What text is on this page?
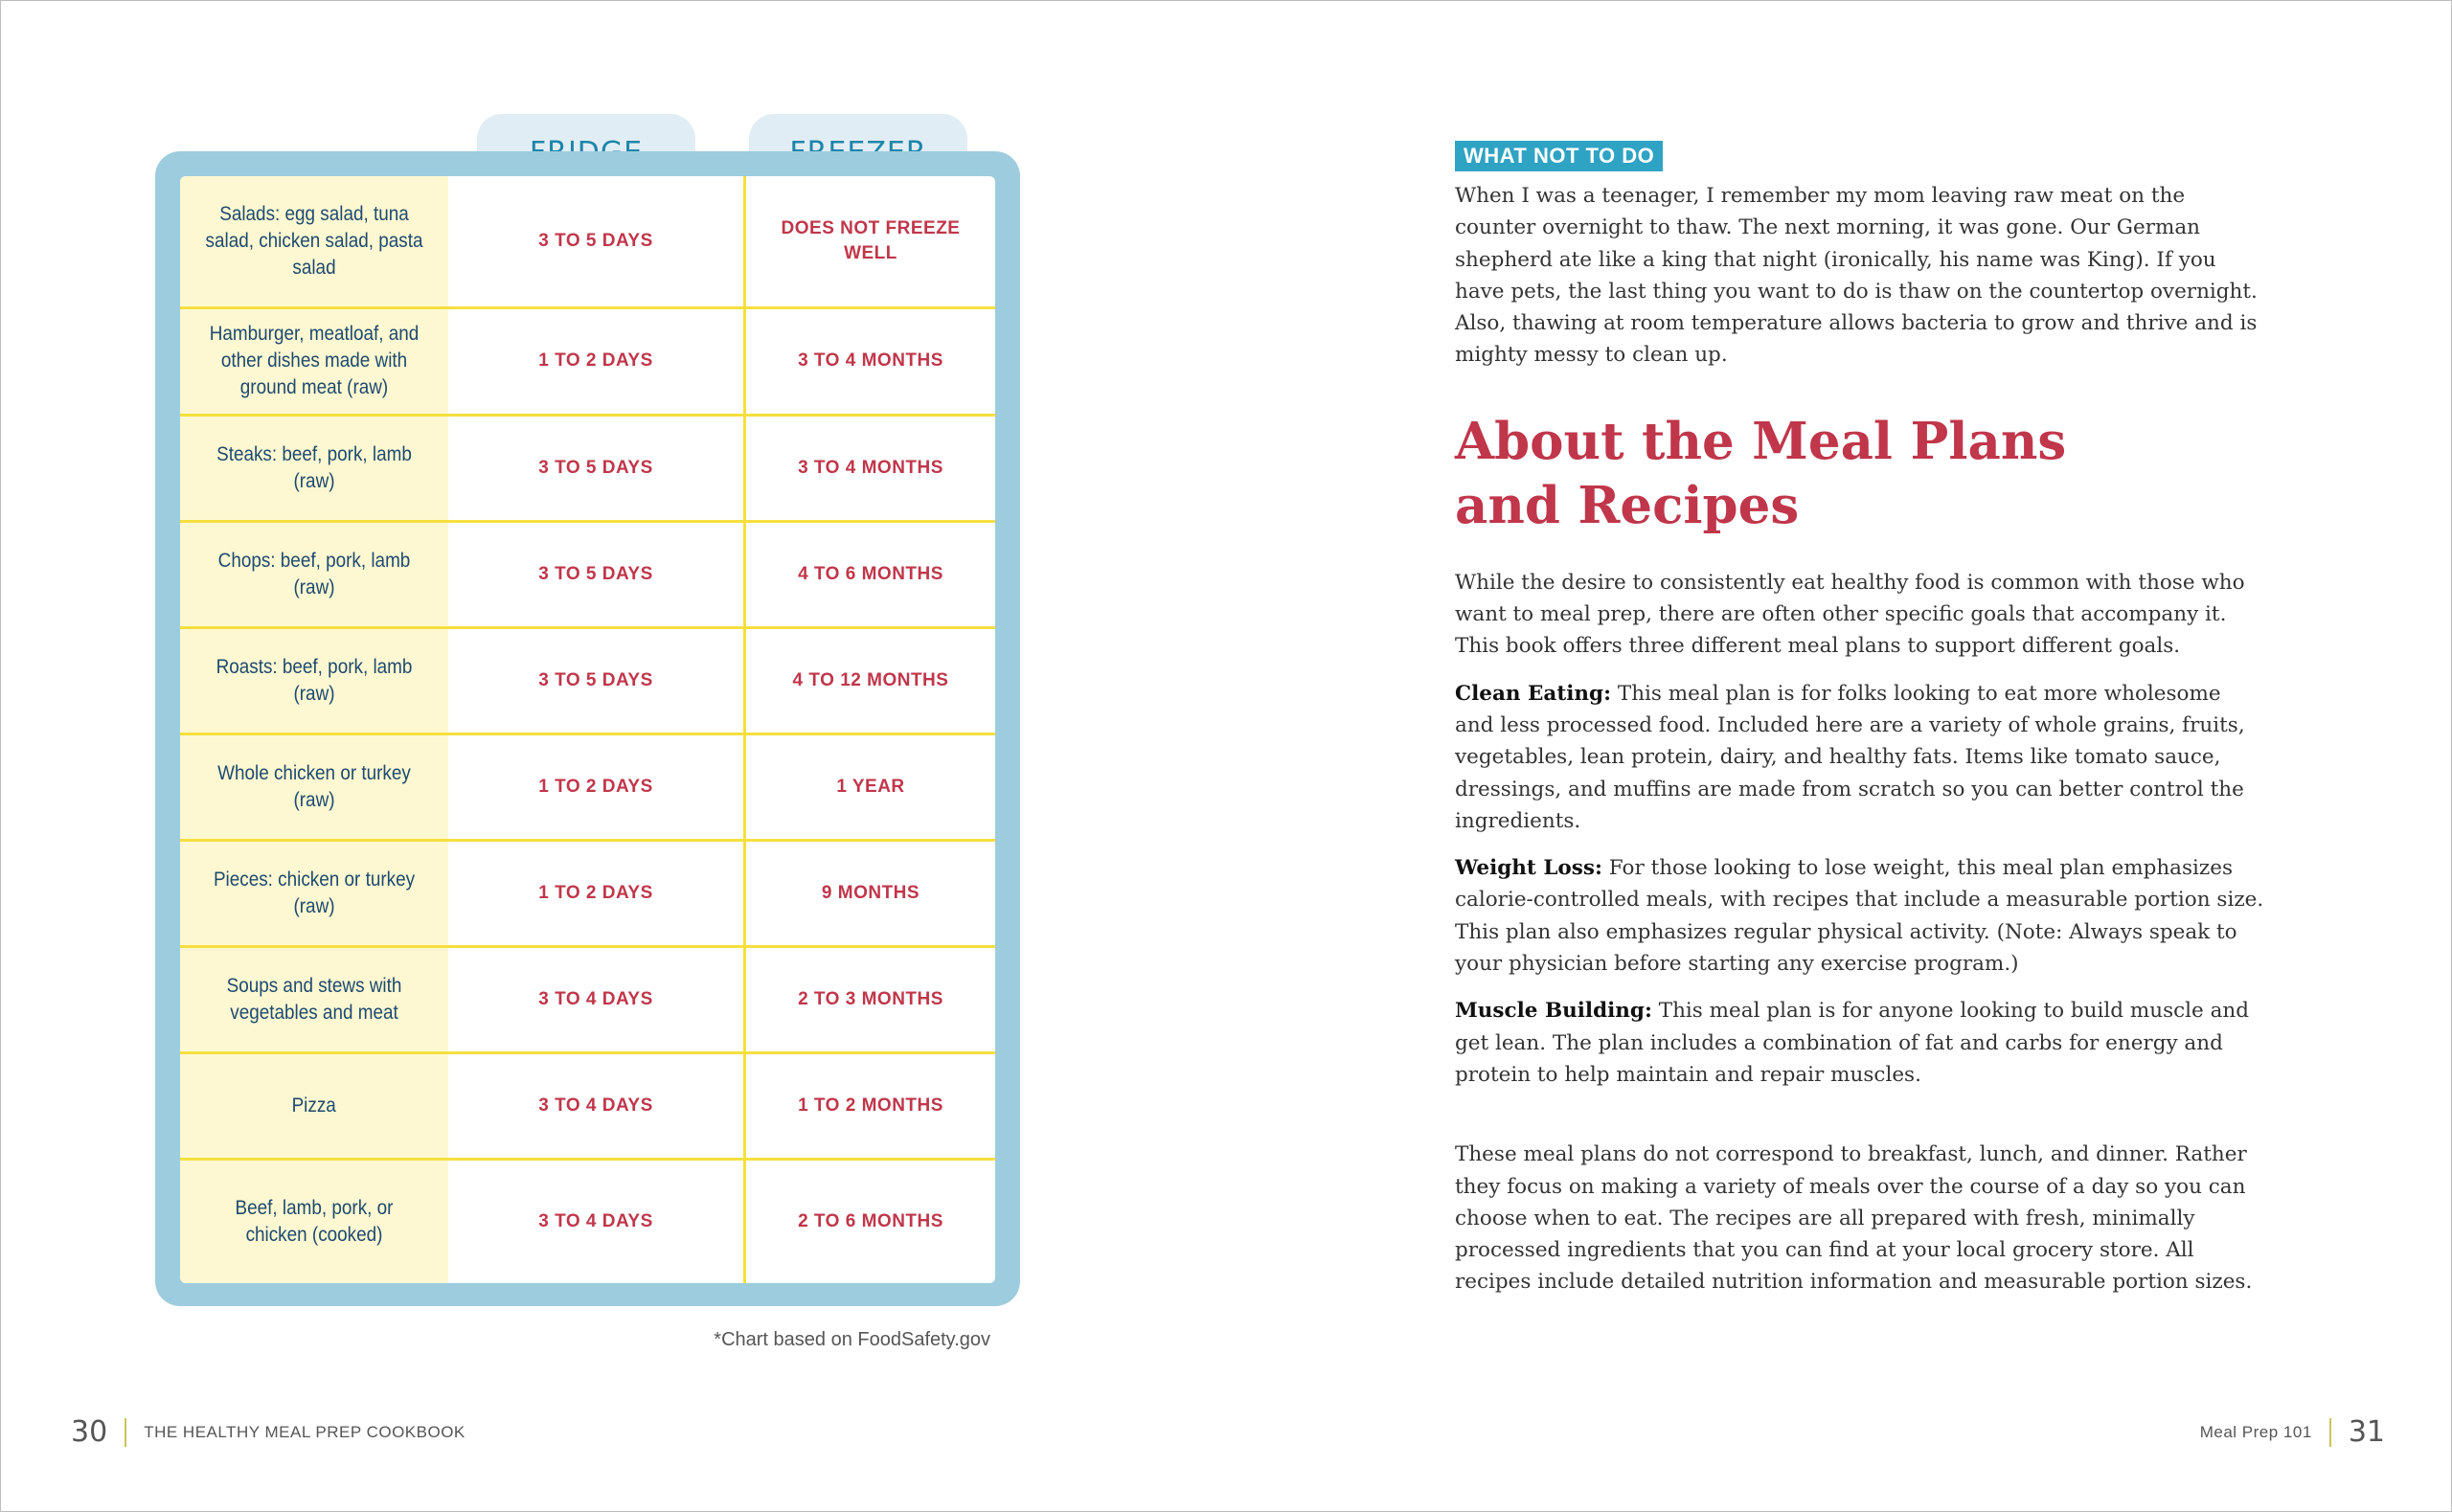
Salads: egg salad, tuna salad, chicken salad, pasta salad	3 TO 5 DAYS	DOES NOT FREEZE WELL
Hamburger, meatloaf, and other dishes made with ground meat (raw)	1 TO 2 DAYS	3 TO 4 MONTHS
Steaks: beef, pork, lamb (raw)	3 TO 5 DAYS	3 TO 4 MONTHS
Chops: beef, pork, lamb (raw)	3 TO 5 DAYS	4 TO 6 MONTHS
Roasts: beef, pork, lamb (raw)	3 TO 5 DAYS	4 TO 12 MONTHS
Whole chicken or turkey (raw)	1 TO 2 DAYS	1 YEAR
Pieces: chicken or turkey (raw)	1 TO 2 DAYS	9 MONTHS
Soups and stews with vegetables and meat	3 TO 4 DAYS	2 TO 3 MONTHS
Pizza	3 TO 4 DAYS	1 TO 2 MONTHS
Beef, lamb, pork, or chicken (cooked)	3 TO 4 DAYS	2 TO 6 MONTHS
*Chart based on FoodSafety.gov
30 THE HEALTHY MEAL PREP COOKBOOK
WHAT NOT TO DO

When I was a teenager, I remember my mom leaving raw meat on the counter overnight to thaw. The next morning, it was gone. Our German shepherd ate like a king that night (ironically, his name was King). If you have pets, the last thing you want to do is thaw on the countertop overnight. Also, thawing at room temperature allows bacteria to grow and thrive and is mighty messy to clean up.

About the Meal Plans and Recipes

While the desire to consistently eat healthy food is common with those who want to meal prep, there are often other specific goals that accompany it. This book offers three different meal plans to support different goals.

Clean Eating: This meal plan is for folks looking to eat more wholesome and less processed food. Included here are a variety of whole grains, fruits, vegetables, lean protein, dairy, and healthy fats. Items like tomato sauce, dressings, and muffins are made from scratch so you can better control the ingredients.

Weight Loss: For those looking to lose weight, this meal plan emphasizes calorie-controlled meals, with recipes that include a measurable portion size. This plan also emphasizes regular physical activity. (Note: Always speak to your physician before starting any exercise program.)

Muscle Building: This meal plan is for anyone looking to build muscle and get lean. The plan includes a combination of fat and carbs for energy and protein to help maintain and repair muscles.

These meal plans do not correspond to breakfast, lunch, and dinner. Rather they focus on making a variety of meals over the course of a day so you can choose when to eat. The recipes are all prepared with fresh, minimally processed ingredients that you can find at your local grocery store. All recipes include detailed nutrition information and measurable portion sizes.

Meal Prep 101 31
